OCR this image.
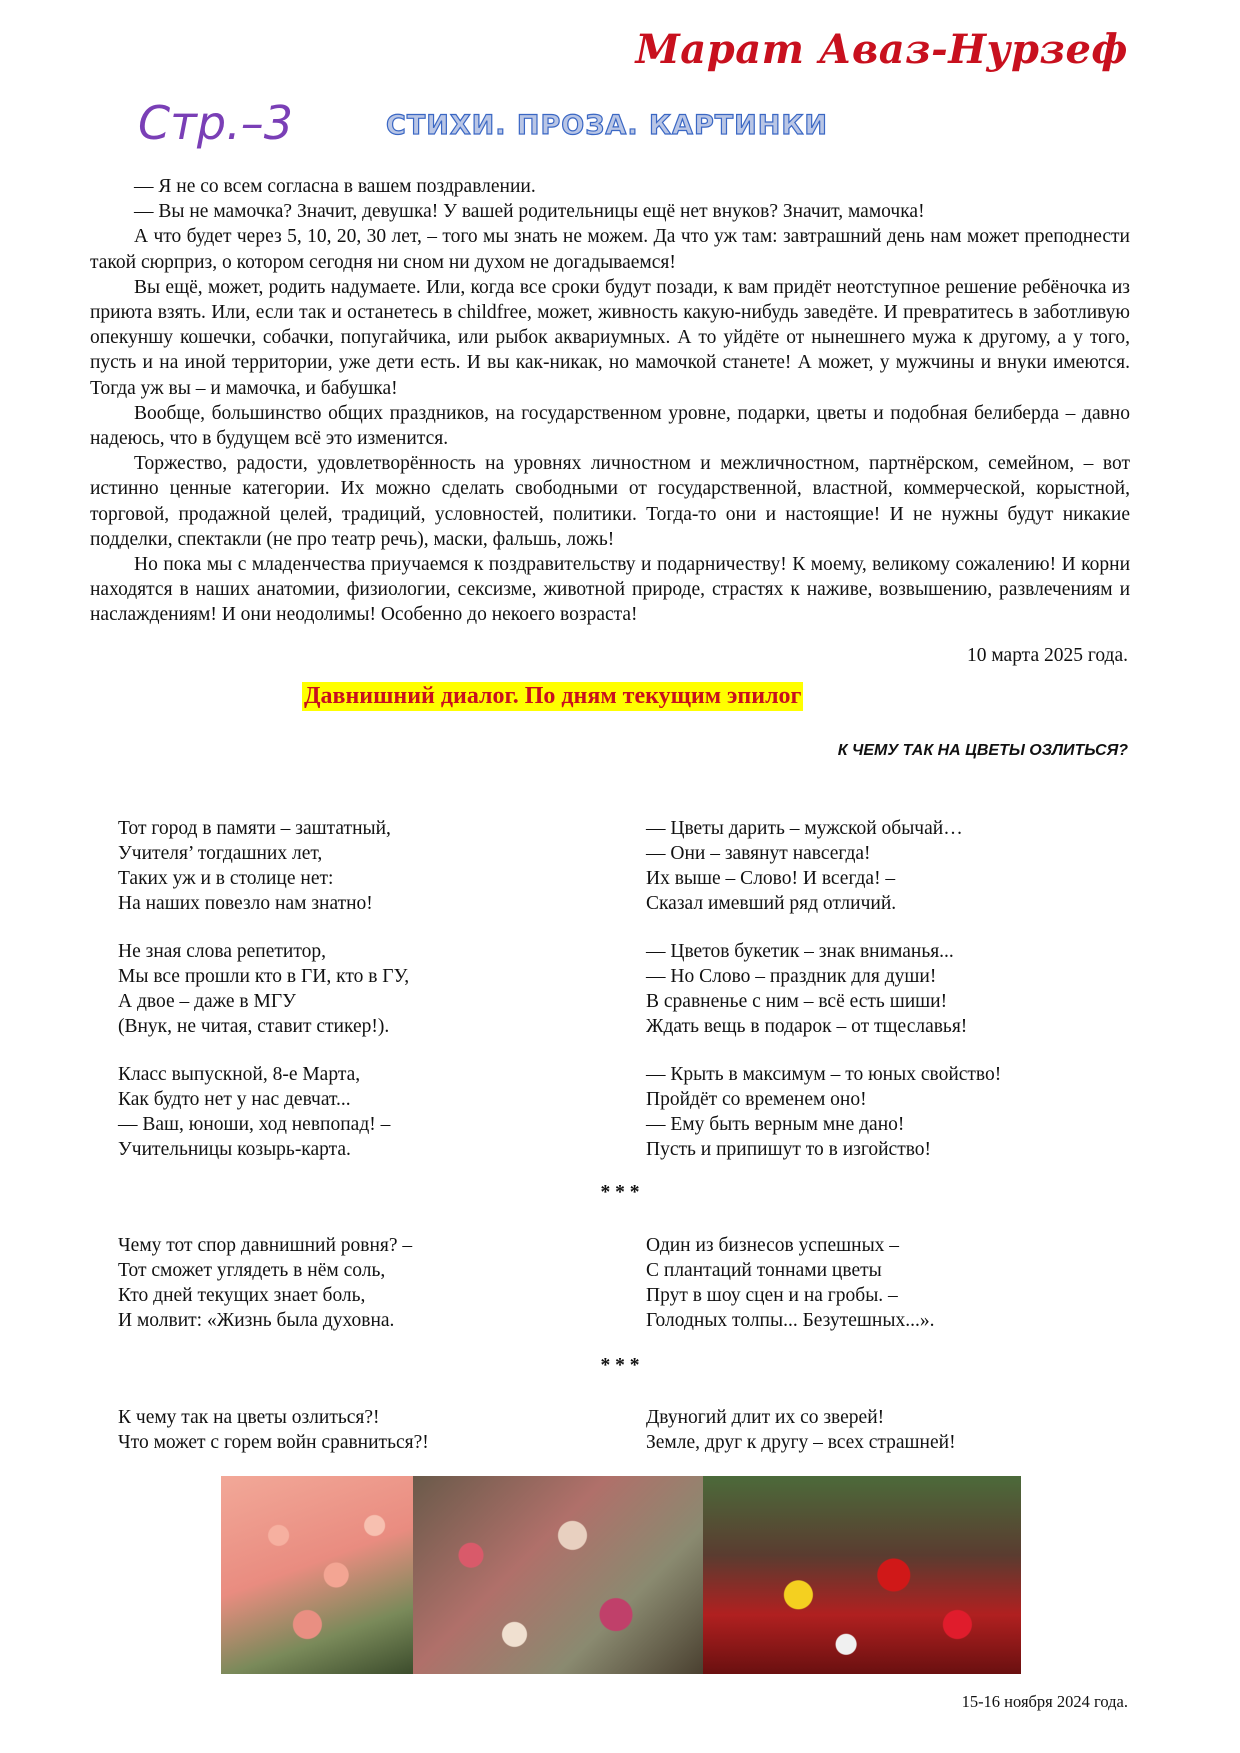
Марат Аваз-Нурзеф
Стр.–3	СТИХИ. ПРОЗА. КАРТИНКИ

— Я не со всем согласна в вашем поздравлении.

— Вы не мамочка? Значит, девушка! У вашей родительницы ещё нет внуков? Значит, мамочка!

А что будет через 5, 10, 20, 30 лет, – того мы знать не можем. Да что уж там: завтрашний день нам может преподнести такой сюрприз, о котором сегодня ни сном ни духом не догадываемся!

Вы ещё, может, родить надумаете. Или, когда все сроки будут позади, к вам придёт неотступное решение ребёночка из приюта взять. Или, если так и останетесь в childfree, может, живность какую-нибудь заведёте. И превратитесь в заботливую опекуншу кошечки, собачки, попугайчика, или рыбок аквариумных. А то уйдёте от нынешнего мужа к другому, а у того, пусть и на иной территории, уже дети есть. И вы как-никак, но мамочкой станете! А может, у мужчины и внуки имеются. Тогда уж вы – и мамочка, и бабушка!

Вообще, большинство общих праздников, на государственном уровне, подарки, цветы и подобная белиберда – давно надеюсь, что в будущем всё это изменится.

Торжество, радости, удовлетворённость на уровнях личностном и межличностном, партнёрском, семейном, – вот истинно ценные категории. Их можно сделать свободными от государственной, властной, коммерческой, корыстной, торговой, продажной целей, традиций, условностей, политики. Тогда-то они и настоящие! И не нужны будут никакие подделки, спектакли (не про театр речь), маски, фальшь, ложь!

Но пока мы с младенчества приучаемся к поздравительству и подарничеству! К моему, великому сожалению! И корни находятся в наших анатомии, физиологии, сексизме, животной природе, страстях к наживе, возвышению, развлечениям и наслаждениям! И они неодолимы! Особенно до некоего возраста!

10 марта 2025 года.
Давнишний диалог. По дням текущим эпилог
К ЧЕМУ ТАК НА ЦВЕТЫ ОЗЛИТЬСЯ?
Тот город в памяти – заштатный,
Учителя’ тогдашних лет,
Таких уж и в столице нет:
На наших повезло нам знатно!
— Цветы дарить – мужской обычай…
— Они – завянут навсегда!
Их выше – Слово! И всегда! –
Сказал имевший ряд отличий.
Не зная слова репетитор,
Мы все прошли кто в ГИ, кто в ГУ,
А двое – даже в МГУ
(Внук, не читая, ставит стикер!).
— Цветов букетик – знак вниманья...
— Но Слово – праздник для души!
В сравненье с ним – всё есть шиши!
Ждать вещь в подарок – от тщеславья!
Класс выпускной, 8-е Марта,
Как будто нет у нас девчат...
— Ваш, юноши, ход невпопад! –
Учительницы козырь-карта.
— Крыть в максимум – то юных свойство!
Пройдёт со временем оно!
— Ему быть верным мне дано!
Пусть и припишут то в изгойство!
* * *
Чему тот спор давнишний ровня? –
Тот сможет углядеть в нём соль,
Кто дней текущих знает боль,
И молвит: «Жизнь была духовна.
Один из бизнесов успешных –
С плантаций тоннами цветы
Прут в шоу сцен и на гробы. –
Голодных толпы... Безутешных...».
* * *
К чему так на цветы озлиться?!
Что может с горем войн сравниться?!
Двуногий длит их со зверей!
Земле, друг к другу – всех страшней!
15-16 ноября 2024 года.
